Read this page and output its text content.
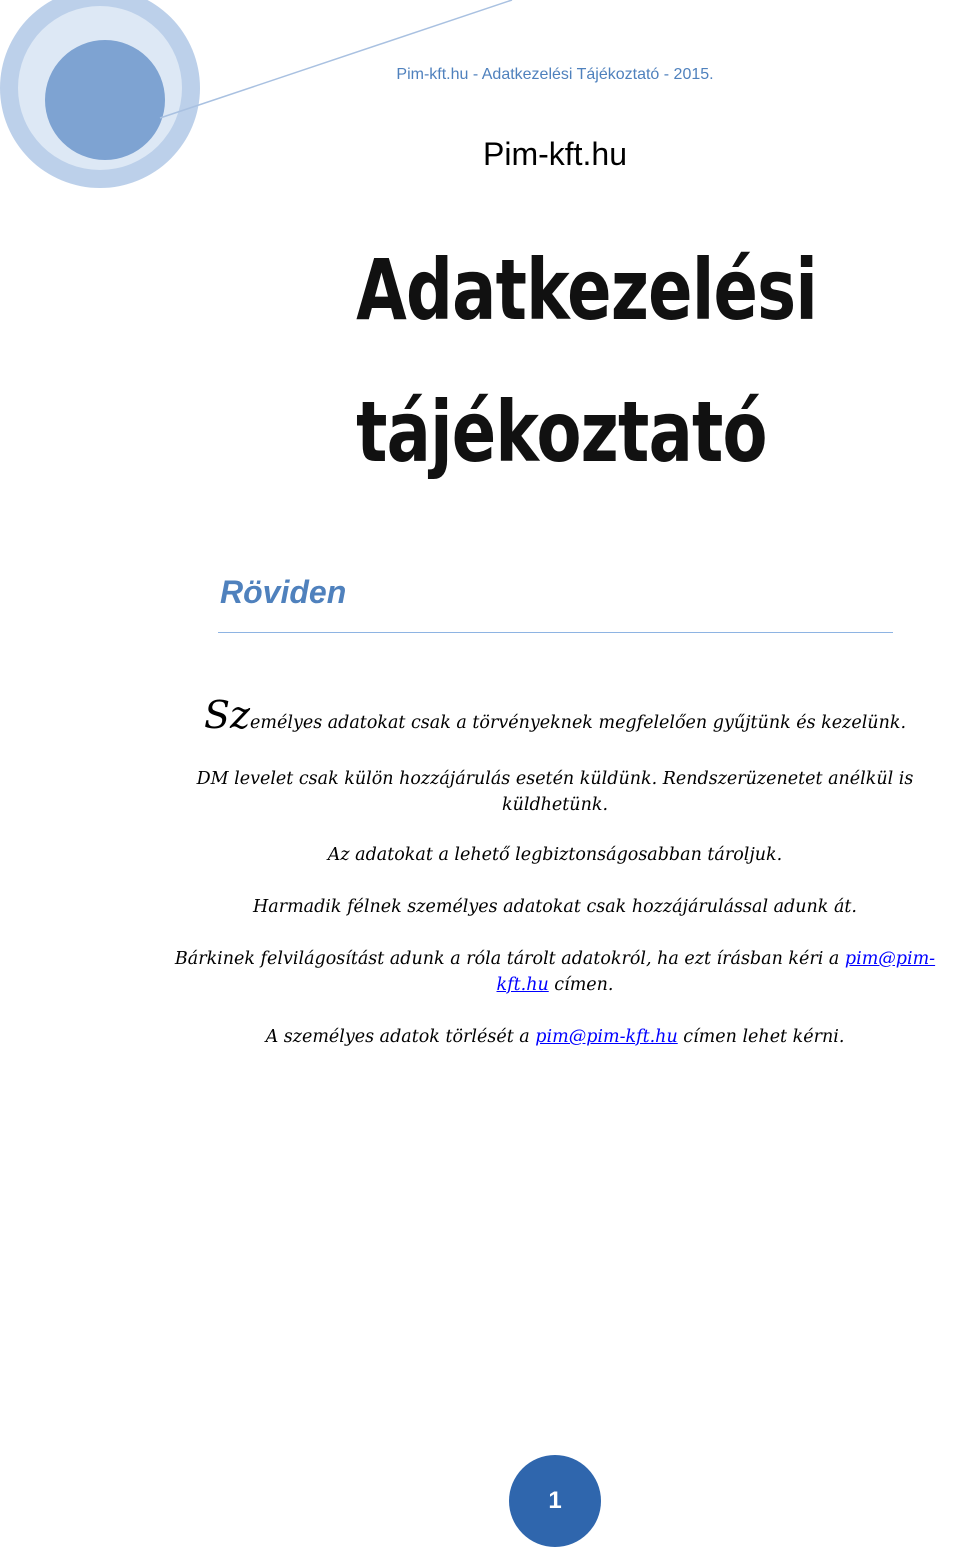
Pim-kft.hu - Adatkezelési Tájékoztató - 2015.
Pim-kft.hu
Adatkezelési
tájékoztató
Röviden
Személyes adatokat csak a törvényeknek megfelelően gyűjtünk és kezelünk.
DM levelet csak külön hozzájárulás esetén küldünk. Rendszerüzenetet anélkül is küldhetünk.
Az adatokat a lehető legbiztonságosabban tároljuk.
Harmadik félnek személyes adatokat csak hozzájárulással adunk át.
Bárkinek felvilágosítást adunk a róla tárolt adatokról, ha ezt írásban kéri a pim@pim-kft.hu címen.
A személyes adatok törlését a pim@pim-kft.hu címen lehet kérni.
1
